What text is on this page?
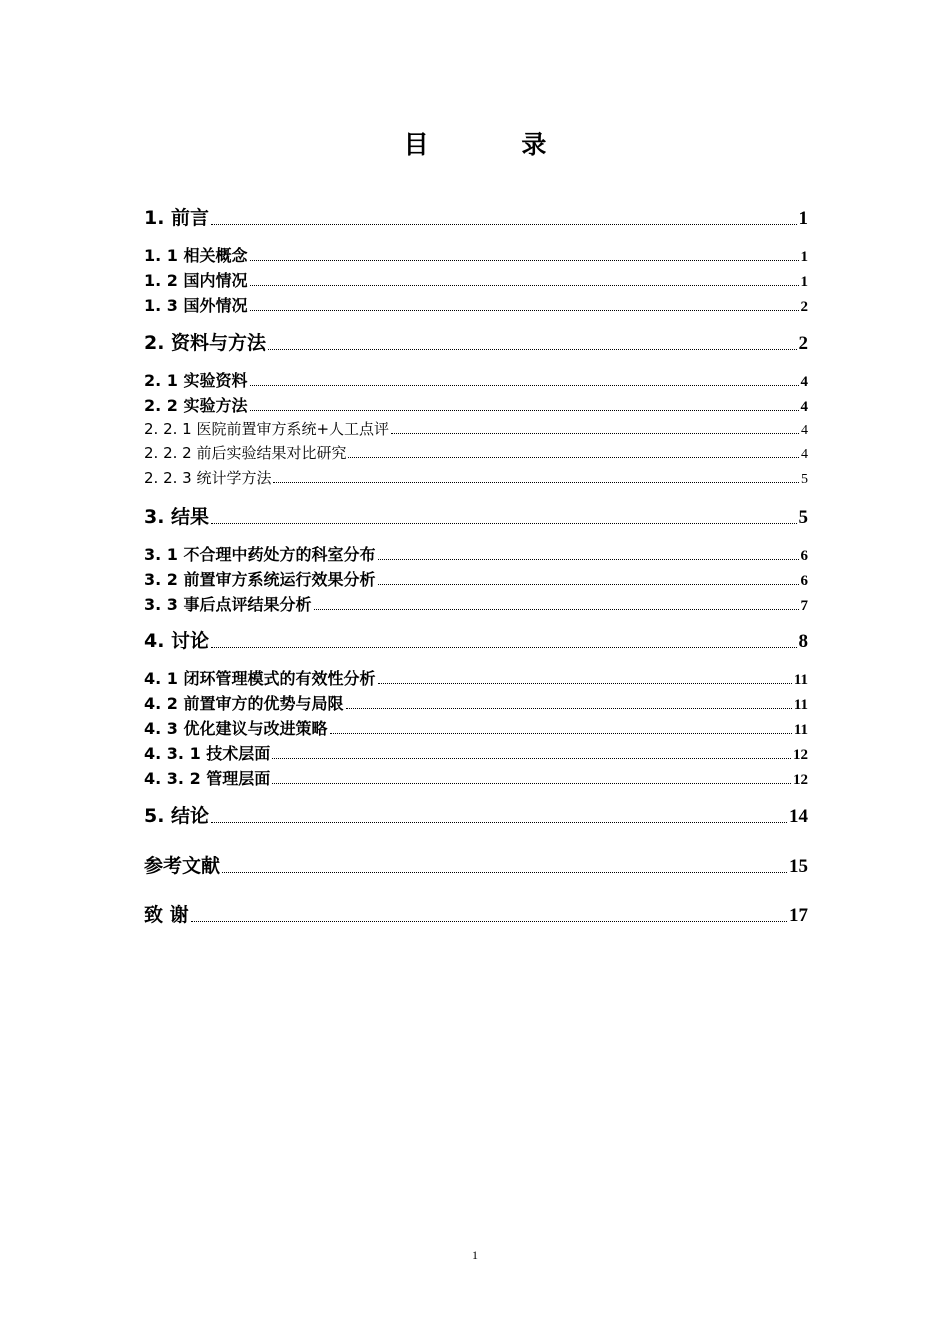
目 录
1. 前言	1
1. 1 相关概念	1
1. 2 国内情况	1
1. 3 国外情况	2
2. 资料与方法	2
2. 1 实验资料	4
2. 2 实验方法	4
2. 2. 1 医院前置审方系统+人工点评	4
2. 2. 2 前后实验结果对比研究	4
2. 2. 3 统计学方法	5
3. 结果	5
3. 1 不合理中药处方的科室分布	6
3. 2 前置审方系统运行效果分析	6
3. 3 事后点评结果分析	7
4. 讨论	8
4. 1 闭环管理模式的有效性分析	11
4. 2 前置审方的优势与局限	11
4. 3 优化建议与改进策略	11
4. 3. 1 技术层面	12
4. 3. 2 管理层面	12
5. 结论	14
参考文献	15
致 谢	17
1
